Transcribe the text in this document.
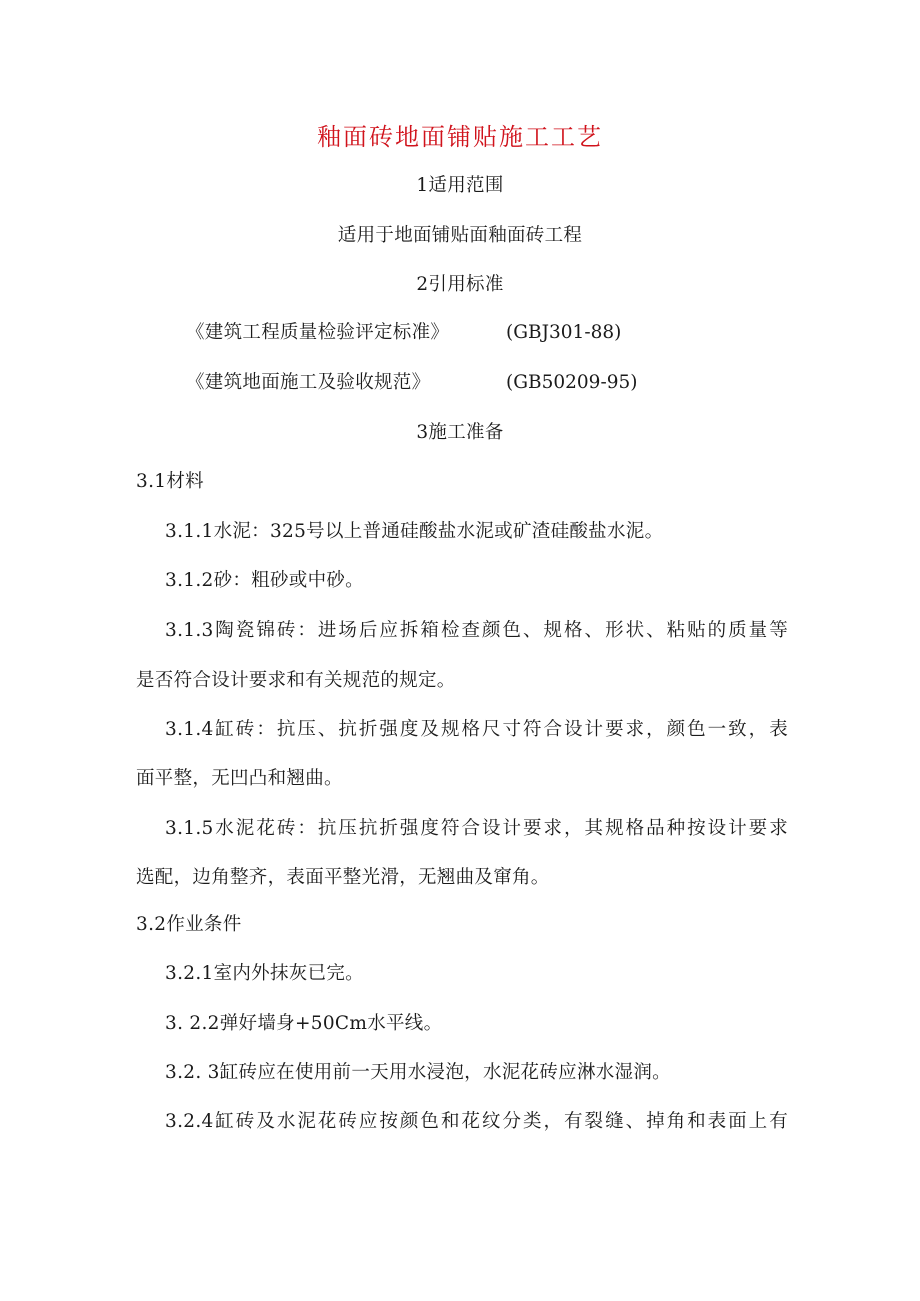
釉面砖地面铺贴施工工艺
1适用范围
适用于地面铺贴面釉面砖工程
2引用标准
《建筑工程质量检验评定标准》	(GBJ301-88)
《建筑地面施工及验收规范》	(GB50209-95)
3施工准备
3.1材料
3.1.1水泥：325号以上普通硅酸盐水泥或矿渣硅酸盐水泥。
3.1.2砂：粗砂或中砂。
3.1.3陶瓷锦砖：进场后应拆箱检查颜色、规格、形状、粘贴的质量等
是否符合设计要求和有关规范的规定。
3.1.4缸砖：抗压、抗折强度及规格尺寸符合设计要求，颜色一致，表
面平整，无凹凸和翘曲。
3.1.5水泥花砖：抗压抗折强度符合设计要求，其规格品种按设计要求
选配，边角整齐，表面平整光滑，无翘曲及窜角。
3.2作业条件
3.2.1室内外抹灰已完。
3. 2.2弹好墙身+50Cm水平线。
3.2. 3缸砖应在使用前一天用水浸泡，水泥花砖应淋水湿润。
3.2.4缸砖及水泥花砖应按颜色和花纹分类，有裂缝、掉角和表面上有
